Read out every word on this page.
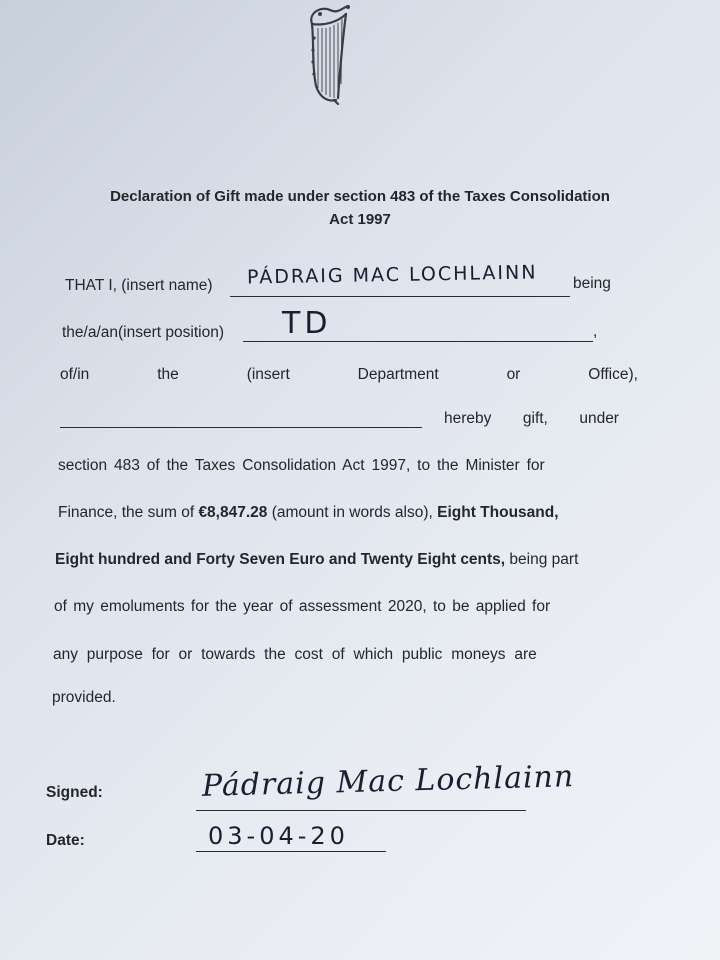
Declaration of Gift made under section 483 of the Taxes Consolidation
Act 1997
THAT I, (insert name) PÁDRAIG MAC LOCHLAINN being
the/a/an(insert position) TD	,
of/in	the	(insert	Department	or	Office),
hereby gift, under
section 483 of the Taxes Consolidation Act 1997, to the Minister for
Finance, the sum of €8,847.28 (amount in words also), Eight Thousand,
Eight hundred and Forty Seven Euro and Twenty Eight cents, being part
of my emoluments for the year of assessment 2020, to be applied for
any purpose for or towards the cost of which public moneys are
provided.
Signed:	Pádraig Mac Lochlainn
Date:	03-04-20
